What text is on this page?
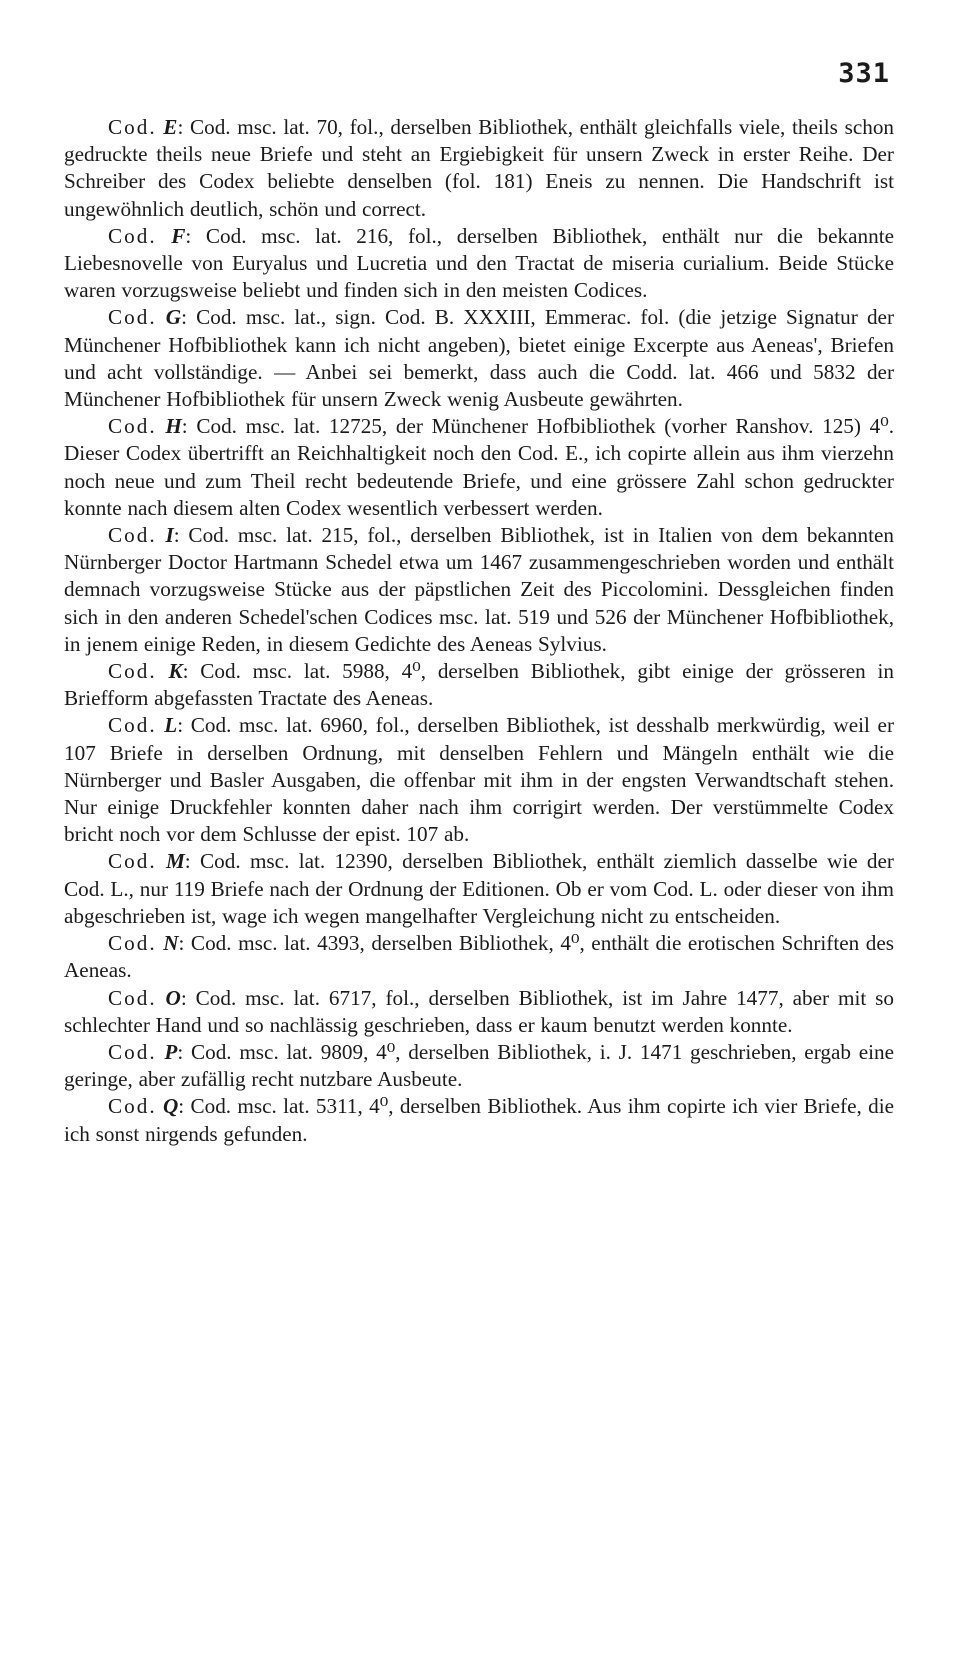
331

Cod. E: Cod. msc. lat. 70, fol., derselben Bibliothek, enthält gleichfalls viele, theils schon gedruckte theils neue Briefe und steht an Ergiebigkeit für unsern Zweck in erster Reihe. Der Schreiber des Codex beliebte denselben (fol. 181) Eneis zu nennen. Die Handschrift ist ungewöhnlich deutlich, schön und correct.

Cod. F: Cod. msc. lat. 216, fol., derselben Bibliothek, enthält nur die bekannte Liebesnovelle von Euryalus und Lucretia und den Tractat de miseria curialium. Beide Stücke waren vorzugsweise beliebt und finden sich in den meisten Codices.

Cod. G: Cod. msc. lat., sign. Cod. B. XXXIII, Emmerac. fol. (die jetzige Signatur der Münchener Hofbibliothek kann ich nicht angeben), bietet einige Excerpte aus Aeneas', Briefen und acht vollständige. — Anbei sei bemerkt, dass auch die Codd. lat. 466 und 5832 der Münchener Hofbibliothek für unsern Zweck wenig Ausbeute gewährten.

Cod. H: Cod. msc. lat. 12725, der Münchener Hofbibliothek (vorher Ranshov. 125) 4⁰. Dieser Codex übertrifft an Reichhaltigkeit noch den Cod. E., ich copirte allein aus ihm vierzehn noch neue und zum Theil recht bedeutende Briefe, und eine grössere Zahl schon gedruckter konnte nach diesem alten Codex wesentlich verbessert werden.

Cod. I: Cod. msc. lat. 215, fol., derselben Bibliothek, ist in Italien von dem bekannten Nürnberger Doctor Hartmann Schedel etwa um 1467 zusammengeschrieben worden und enthält demnach vorzugsweise Stücke aus der päpstlichen Zeit des Piccolomini. Dessgleichen finden sich in den anderen Schedel'schen Codices msc. lat. 519 und 526 der Münchener Hofbibliothek, in jenem einige Reden, in diesem Gedichte des Aeneas Sylvius.

Cod. K: Cod. msc. lat. 5988, 4⁰, derselben Bibliothek, gibt einige der grösseren in Briefform abgefassten Tractate des Aeneas.

Cod. L: Cod. msc. lat. 6960, fol., derselben Bibliothek, ist desshalb merkwürdig, weil er 107 Briefe in derselben Ordnung, mit denselben Fehlern und Mängeln enthält wie die Nürnberger und Basler Ausgaben, die offenbar mit ihm in der engsten Verwandtschaft stehen. Nur einige Druckfehler konnten daher nach ihm corrigirt werden. Der verstümmelte Codex bricht noch vor dem Schlusse der epist. 107 ab.

Cod. M: Cod. msc. lat. 12390, derselben Bibliothek, enthält ziemlich dasselbe wie der Cod. L., nur 119 Briefe nach der Ordnung der Editionen. Ob er vom Cod. L. oder dieser von ihm abgeschrieben ist, wage ich wegen mangelhafter Vergleichung nicht zu entscheiden.

Cod. N: Cod. msc. lat. 4393, derselben Bibliothek, 4⁰, enthält die erotischen Schriften des Aeneas.

Cod. O: Cod. msc. lat. 6717, fol., derselben Bibliothek, ist im Jahre 1477, aber mit so schlechter Hand und so nachlässig geschrieben, dass er kaum benutzt werden konnte.

Cod. P: Cod. msc. lat. 9809, 4⁰, derselben Bibliothek, i. J. 1471 geschrieben, ergab eine geringe, aber zufällig recht nutzbare Ausbeute.

Cod. Q: Cod. msc. lat. 5311, 4⁰, derselben Bibliothek. Aus ihm copirte ich vier Briefe, die ich sonst nirgends gefunden.
